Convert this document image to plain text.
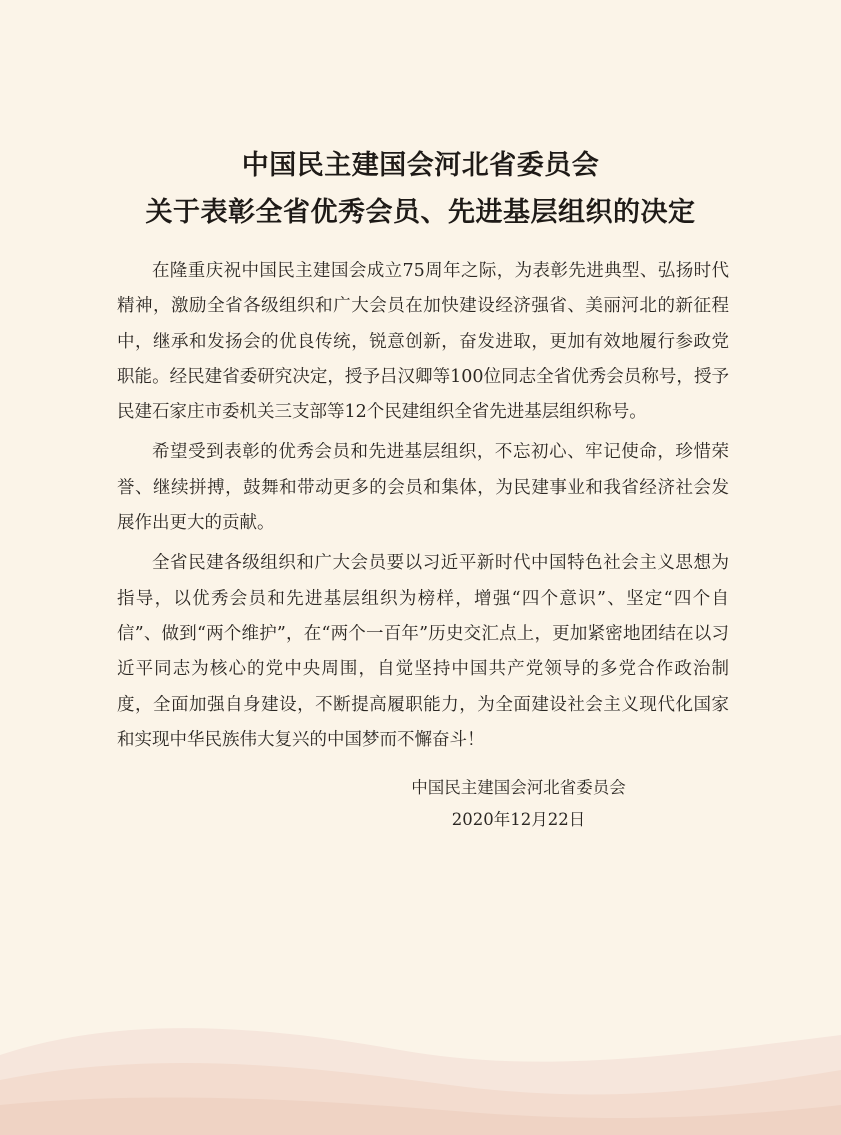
中国民主建国会河北省委员会
关于表彰全省优秀会员、先进基层组织的决定

在隆重庆祝中国民主建国会成立75周年之际，为表彰先进典型、弘扬时代精神，激励全省各级组织和广大会员在加快建设经济强省、美丽河北的新征程中，继承和发扬会的优良传统，锐意创新，奋发进取，更加有效地履行参政党职能。经民建省委研究决定，授予吕汉卿等100位同志全省优秀会员称号，授予民建石家庄市委机关三支部等12个民建组织全省先进基层组织称号。

希望受到表彰的优秀会员和先进基层组织，不忘初心、牢记使命，珍惜荣誉、继续拼搏，鼓舞和带动更多的会员和集体，为民建事业和我省经济社会发展作出更大的贡献。

全省民建各级组织和广大会员要以习近平新时代中国特色社会主义思想为指导，以优秀会员和先进基层组织为榜样，增强“四个意识”、坚定“四个自信”、做到“两个维护”，在“两个一百年”历史交汇点上，更加紧密地团结在以习近平同志为核心的党中央周围，自觉坚持中国共产党领导的多党合作政治制度，全面加强自身建设，不断提高履职能力，为全面建设社会主义现代化国家和实现中华民族伟大复兴的中国梦而不懈奋斗！

中国民主建国会河北省委员会
2020年12月22日
